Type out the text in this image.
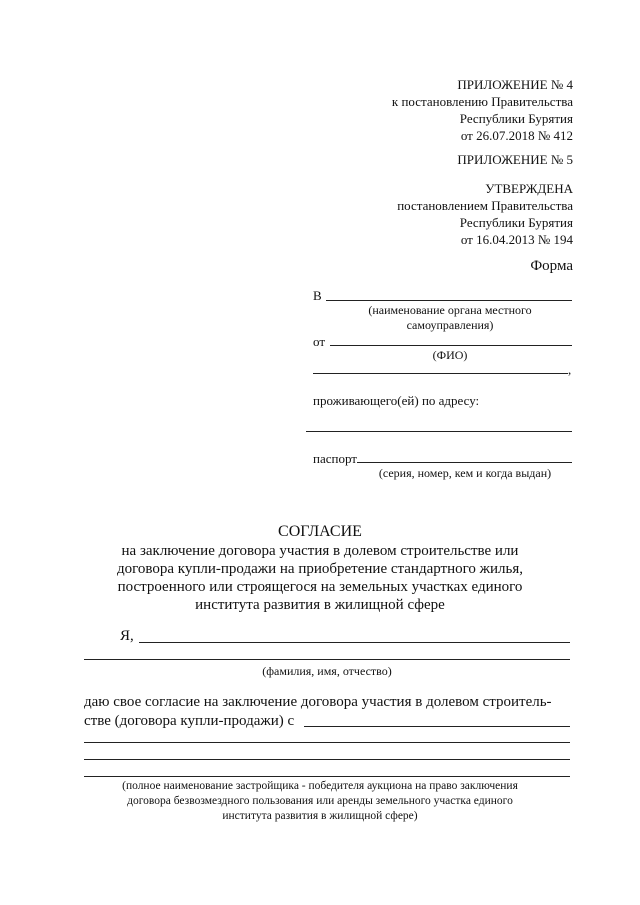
ПРИЛОЖЕНИЕ № 4
к постановлению Правительства
Республики Бурятия
от 26.07.2018 № 412
ПРИЛОЖЕНИЕ № 5
УТВЕРЖДЕНА
постановлением Правительства
Республики Бурятия
от 16.04.2013 № 194
Форма
В
(наименование органа местного
самоуправления)
от
(ФИО)
,
проживающего(ей) по адресу:
паспорт
(серия, номер, кем и когда выдан)
СОГЛАСИЕ
на заключение договора участия в долевом строительстве или
договора купли-продажи на приобретение стандартного жилья,
построенного или строящегося на земельных участках единого
института развития в жилищной сфере
Я,
(фамилия, имя, отчество)
даю свое согласие на заключение договора участия в долевом строитель-
стве (договора купли-продажи) с
(полное наименование застройщика - победителя аукциона на право заключения
договора безвозмездного пользования или аренды земельного участка единого
института развития в жилищной сфере)
